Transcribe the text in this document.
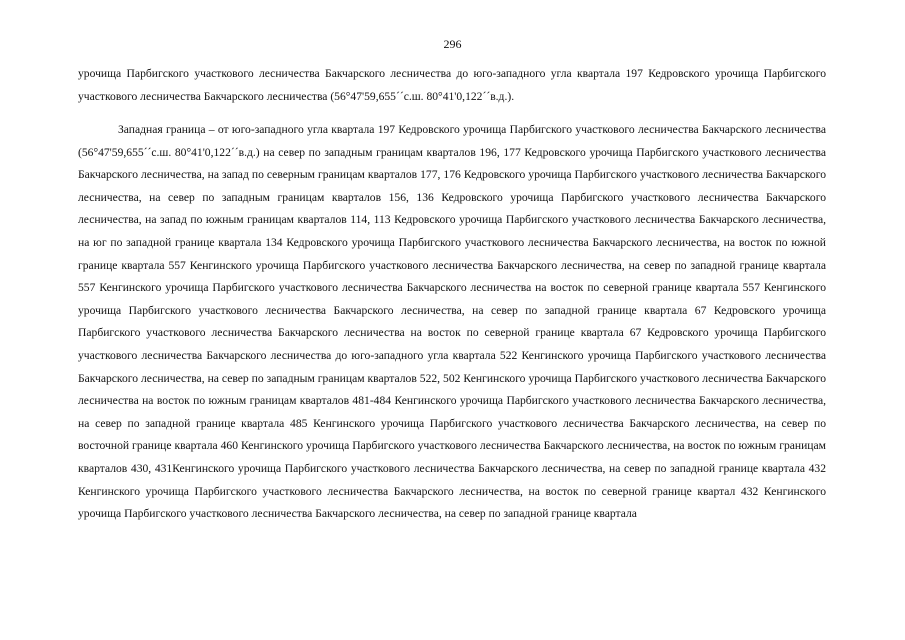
296

урочища Парбигского участкового лесничества Бакчарского лесничества до юго-западного угла квартала 197 Кедровского урочища Парбигского участкового лесничества Бакчарского лесничества (56°47'59,655´´с.ш. 80°41'0,122´´в.д.).

Западная граница – от юго-западного угла квартала 197 Кедровского урочища Парбигского участкового лесничества Бакчарского лесничества (56°47'59,655´´с.ш. 80°41'0,122´´в.д.) на север по западным границам кварталов 196, 177 Кедровского урочища Парбигского участкового лесничества Бакчарского лесничества, на запад по северным границам кварталов 177, 176 Кедровского урочища Парбигского участкового лесничества Бакчарского лесничества, на север по западным границам кварталов 156, 136 Кедровского урочища Парбигского участкового лесничества Бакчарского лесничества, на запад по южным границам кварталов 114, 113 Кедровского урочища Парбигского участкового лесничества Бакчарского лесничества, на юг по западной границе квартала 134 Кедровского урочища Парбигского участкового лесничества Бакчарского лесничества, на восток по южной границе квартала 557 Кенгинского урочища Парбигского участкового лесничества Бакчарского лесничества, на север по западной границе квартала 557 Кенгинского урочища Парбигского участкового лесничества Бакчарского лесничества на восток по северной границе квартала 557 Кенгинского урочища Парбигского участкового лесничества Бакчарского лесничества, на север по западной границе квартала 67 Кедровского урочища Парбигского участкового лесничества Бакчарского лесничества на восток по северной границе квартала 67 Кедровского урочища Парбигского участкового лесничества Бакчарского лесничества до юго-западного угла квартала 522 Кенгинского урочища Парбигского участкового лесничества Бакчарского лесничества, на север по западным границам кварталов 522, 502 Кенгинского урочища Парбигского участкового лесничества Бакчарского лесничества на восток по южным границам кварталов 481-484 Кенгинского урочища Парбигского участкового лесничества Бакчарского лесничества, на север по западной границе квартала 485 Кенгинского урочища Парбигского участкового лесничества Бакчарского лесничества, на север по восточной границе квартала 460 Кенгинского урочища Парбигского участкового лесничества Бакчарского лесничества, на восток по южным границам кварталов 430, 431Кенгинского урочища Парбигского участкового лесничества Бакчарского лесничества, на север по западной границе квартала 432 Кенгинского урочища Парбигского участкового лесничества Бакчарского лесничества, на восток по северной границе квартал 432 Кенгинского урочища Парбигского участкового лесничества Бакчарского лесничества, на север по западной границе квартала
